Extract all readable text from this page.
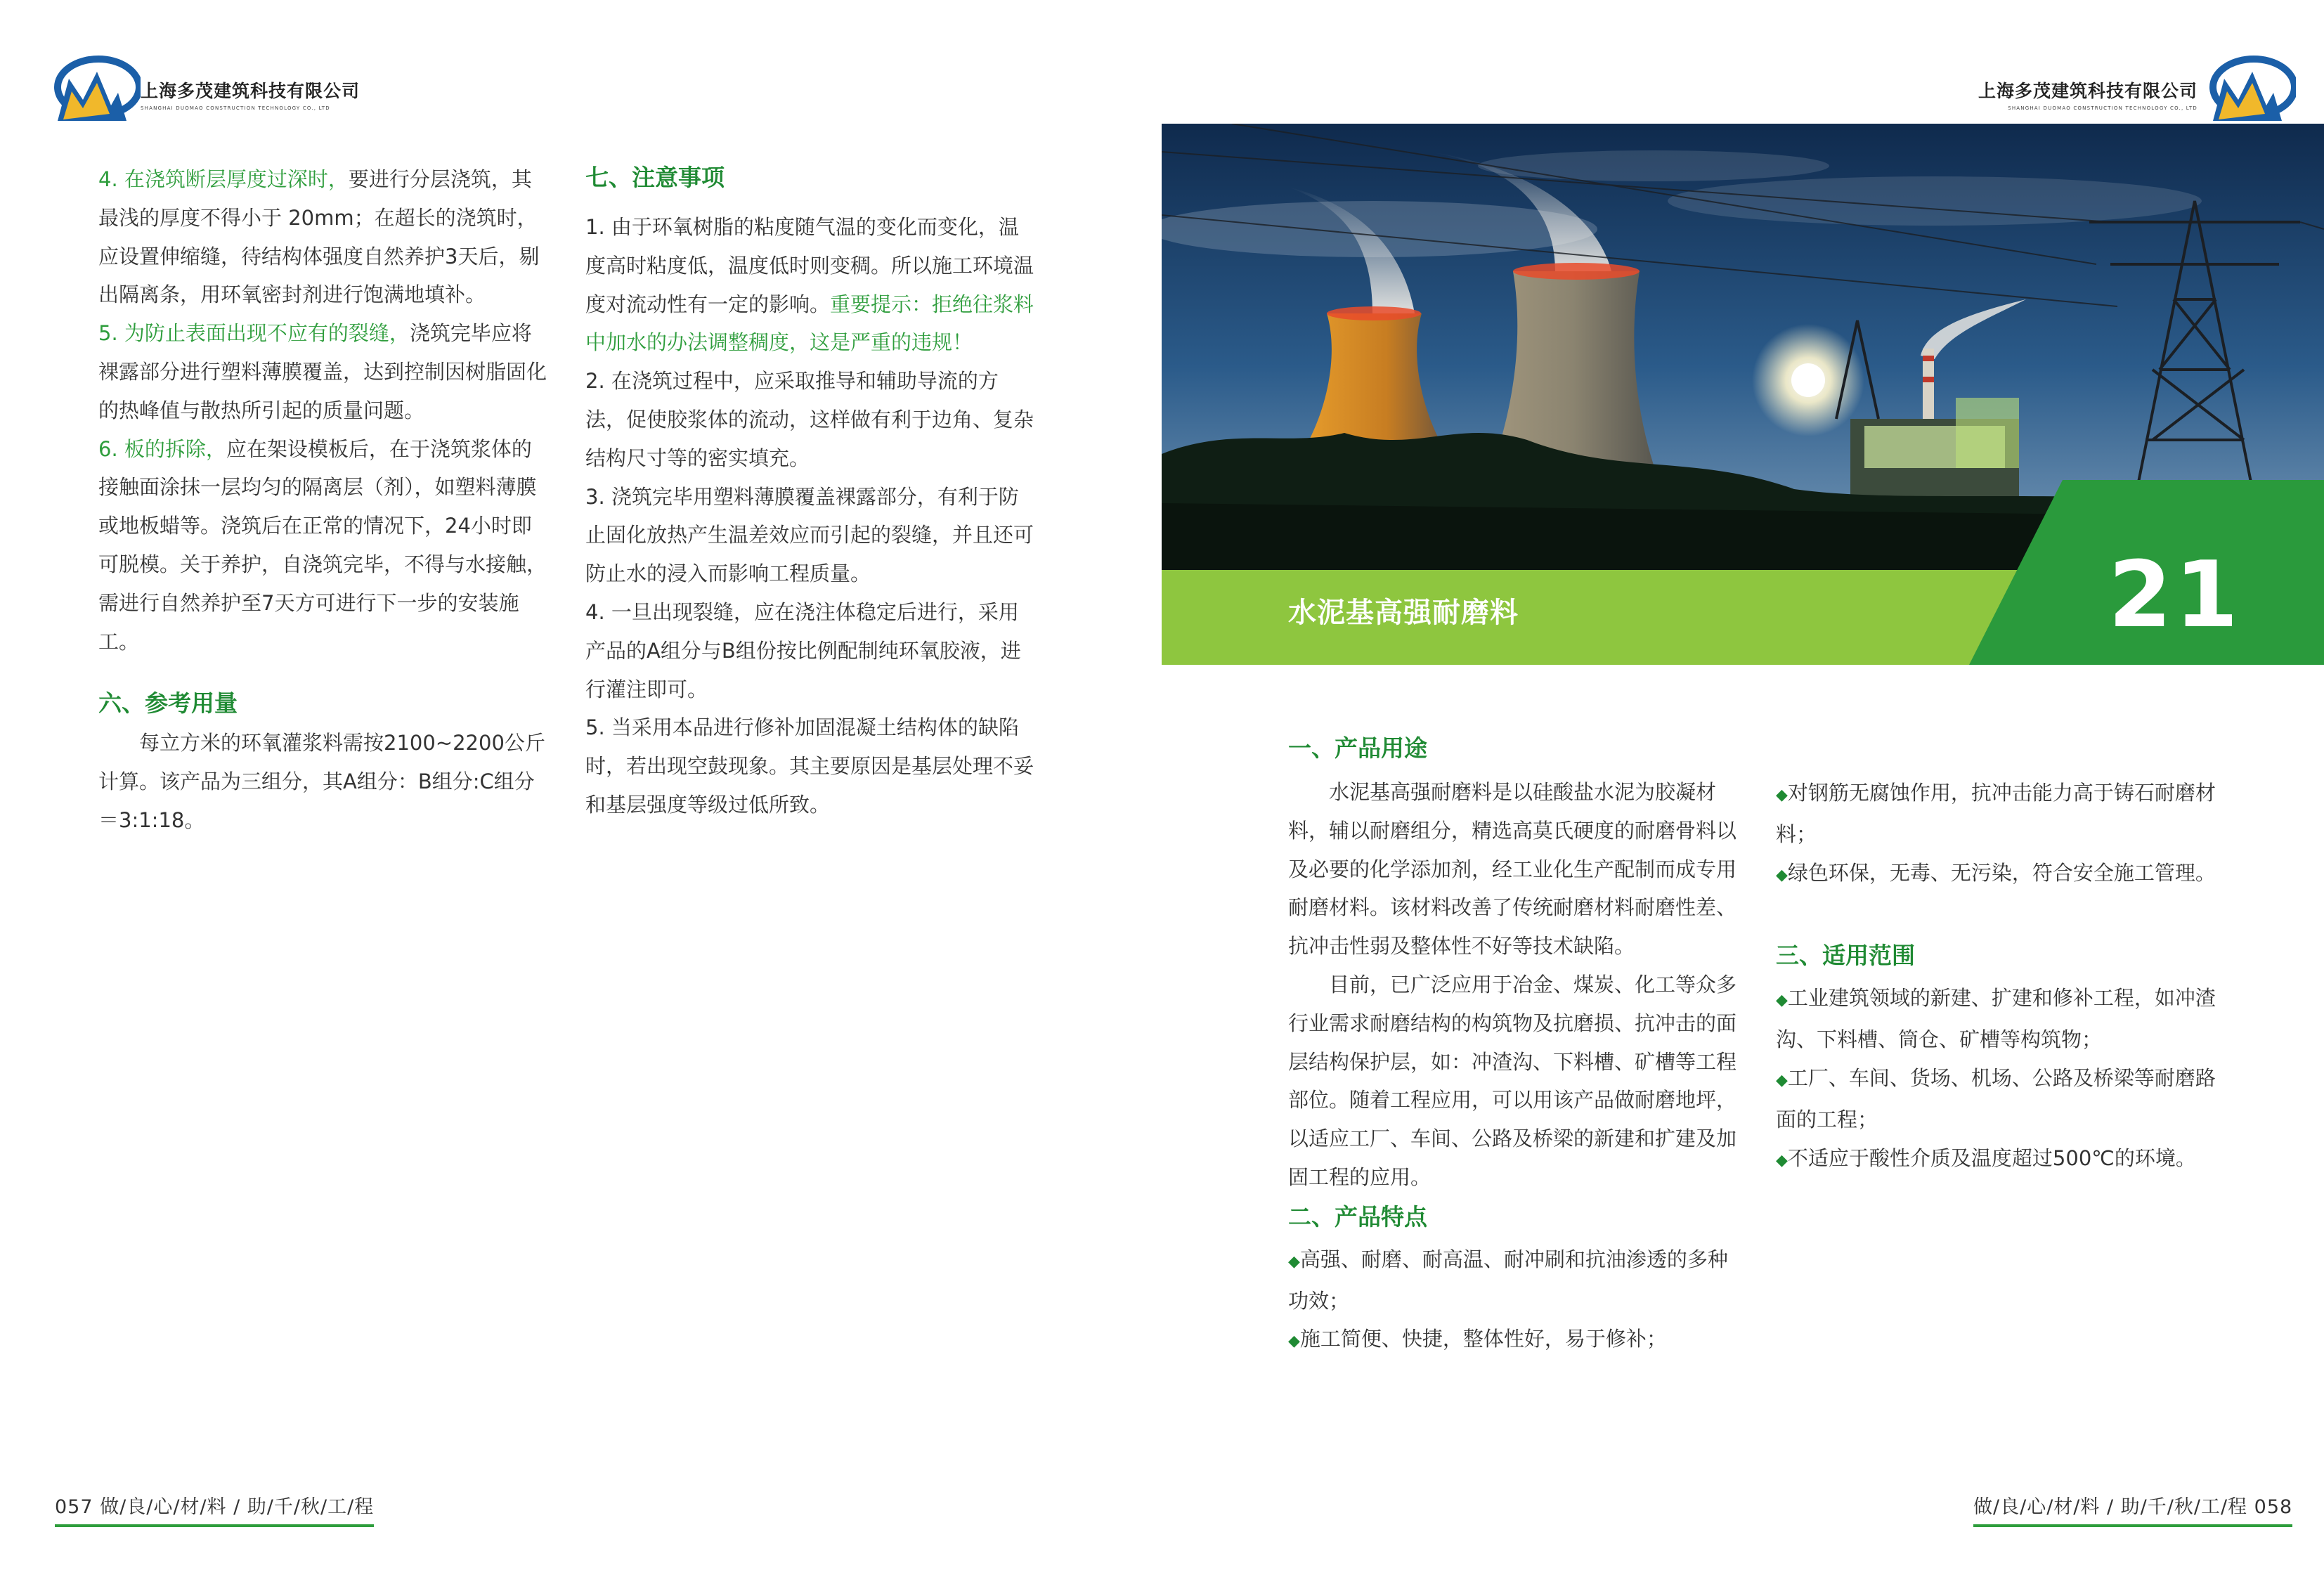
上海多茂建筑科技有限公司
SHANGHAI DUOMAO CONSTRUCTION TECHNOLOGY CO., LTD
上海多茂建筑科技有限公司
SHANGHAI DUOMAO CONSTRUCTION TECHNOLOGY CO., LTD

4. 在浇筑断层厚度过深时，要进行分层浇筑，其最浅的厚度不得小于 20mm；在超长的浇筑时，应设置伸缩缝，待结构体强度自然养护3天后，剔出隔离条，用环氧密封剂进行饱满地填补。

5. 为防止表面出现不应有的裂缝，浇筑完毕应将裸露部分进行塑料薄膜覆盖，达到控制因树脂固化的热峰值与散热所引起的质量问题。

6. 板的拆除，应在架设模板后，在于浇筑浆体的接触面涂抹一层均匀的隔离层（剂），如塑料薄膜或地板蜡等。浇筑后在正常的情况下，24小时即可脱模。关于养护，自浇筑完毕，不得与水接触，需进行自然养护至7天方可进行下一步的安装施工。

六、参考用量

每立方米的环氧灌浆料需按2100~2200公斤计算。该产品为三组分，其A组分：B组分:C组分＝3:1:18。

七、注意事项

1. 由于环氧树脂的粘度随气温的变化而变化，温度高时粘度低，温度低时则变稠。所以施工环境温度对流动性有一定的影响。重要提示：拒绝往浆料中加水的办法调整稠度，这是严重的违规！

2. 在浇筑过程中，应采取推导和辅助导流的方法，促使胶浆体的流动，这样做有利于边角、复杂结构尺寸等的密实填充。

3. 浇筑完毕用塑料薄膜覆盖裸露部分，有利于防止固化放热产生温差效应而引起的裂缝，并且还可防止水的浸入而影响工程质量。

4. 一旦出现裂缝，应在浇注体稳定后进行，采用产品的A组分与B组份按比例配制纯环氧胶液，进行灌注即可。

5. 当采用本品进行修补加固混凝土结构体的缺陷时，若出现空鼓现象。其主要原因是基层处理不妥和基层强度等级过低所致。

057 做/良/心/材/料 / 助/千/秋/工/程
水泥基高强耐磨料	21
一、产品用途

水泥基高强耐磨料是以硅酸盐水泥为胶凝材料，辅以耐磨组分，精选高莫氏硬度的耐磨骨料以及必要的化学添加剂，经工业化生产配制而成专用耐磨材料。该材料改善了传统耐磨材料耐磨性差、抗冲击性弱及整体性不好等技术缺陷。

目前，已广泛应用于冶金、煤炭、化工等众多行业需求耐磨结构的构筑物及抗磨损、抗冲击的面层结构保护层，如：冲渣沟、下料槽、矿槽等工程部位。随着工程应用，可以用该产品做耐磨地坪，以适应工厂、车间、公路及桥梁的新建和扩建及加固工程的应用。

二、产品特点

◆高强、耐磨、耐高温、耐冲刷和抗油渗透的多种功效；

◆施工简便、快捷，整体性好，易于修补；

◆对钢筋无腐蚀作用，抗冲击能力高于铸石耐磨材料；

◆绿色环保，无毒、无污染，符合安全施工管理。

三、适用范围

◆工业建筑领域的新建、扩建和修补工程，如冲渣沟、下料槽、筒仓、矿槽等构筑物；

◆工厂、车间、货场、机场、公路及桥梁等耐磨路面的工程；

◆不适应于酸性介质及温度超过500℃的环境。

做/良/心/材/料 / 助/千/秋/工/程 058
